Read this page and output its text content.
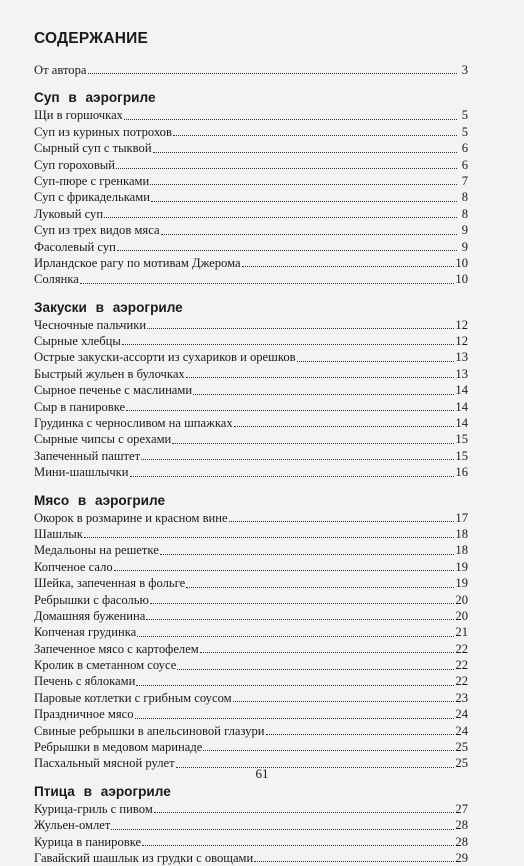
СОДЕРЖАНИЕ
От автора	3
Суп в аэрогриле
Щи в горшочках	5
Суп из куриных потрохов	5
Сырный суп с тыквой	6
Суп гороховый	6
Суп-пюре с гренками	7
Суп с фрикадельками	8
Луковый суп	8
Суп из трех видов мяса	9
Фасолевый суп	9
Ирландское рагу по мотивам Джерома	10
Солянка	10
Закуски в аэрогриле
Чесночные пальчики	12
Сырные хлебцы	12
Острые закуски-ассорти из сухариков и орешков	13
Быстрый жульен в булочках	13
Сырное печенье с маслинами	14
Сыр в панировке	14
Грудинка с черносливом на шпажках	14
Сырные чипсы с орехами	15
Запеченный паштет	15
Мини-шашлычки	16
Мясо в аэрогриле
Окорок в розмарине и красном вине	17
Шашлык	18
Медальоны на решетке	18
Копченое сало	19
Шейка, запеченная в фольге	19
Ребрышки с фасолью	20
Домашняя буженина	20
Копченая грудинка	21
Запеченное мясо с картофелем	22
Кролик в сметанном соусе	22
Печень с яблоками	22
Паровые котлетки с грибным соусом	23
Праздничное мясо	24
Свиные ребрышки в апельсиновой глазури	24
Ребрышки в медовом маринаде	25
Пасхальный мясной рулет	25
Птица в аэрогриле
Курица-гриль с пивом	27
Жульен-омлет	28
Курица в панировке	28
Гавайский шашлык из грудки с овощами	29
61
